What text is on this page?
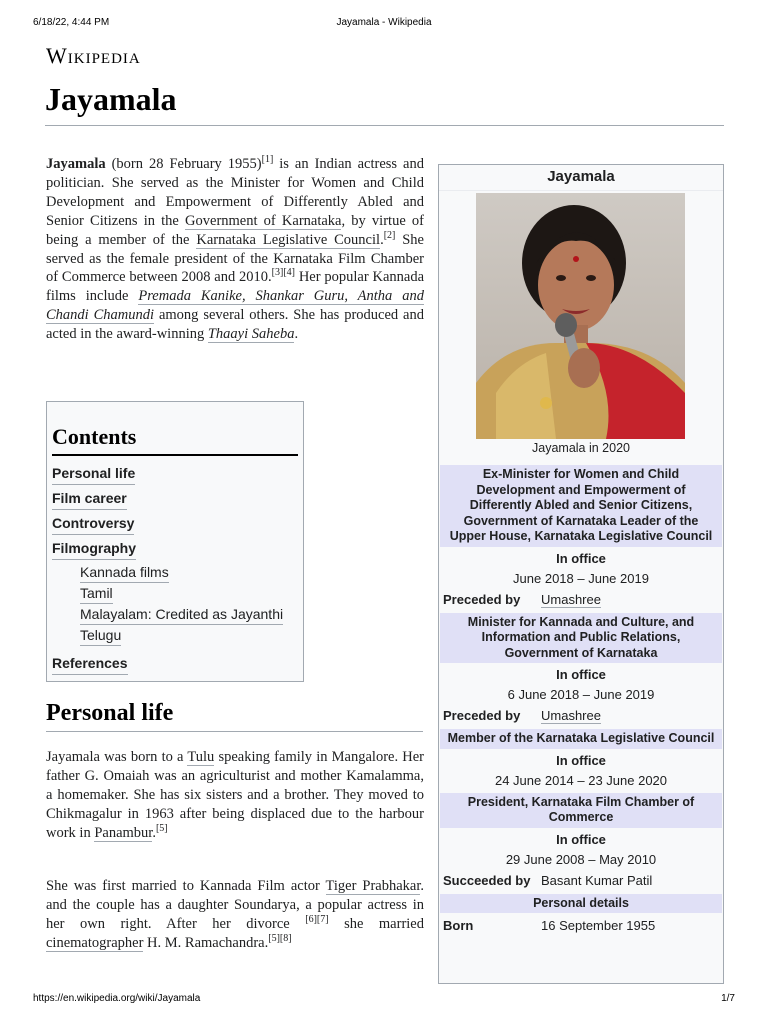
6/18/22, 4:44 PM	Jayamala - Wikipedia
Wikipedia
Jayamala

Jayamala (born 28 February 1955)[1] is an Indian actress and politician. She served as the Minister for Women and Child Development and Empowerment of Differently Abled and Senior Citizens in the Government of Karnataka, by virtue of being a member of the Karnataka Legislative Council.[2] She served as the female president of the Karnataka Film Chamber of Commerce between 2008 and 2010.[3][4] Her popular Kannada films include Premada Kanike, Shankar Guru, Antha and Chandi Chamundi among several others. She has produced and acted in the award-winning Thaayi Saheba.

Contents
Personal life
Film career
Controversy
Filmography
Kannada films
Tamil
Malayalam: Credited as Jayanthi
Telugu
References
Personal life
Jayamala was born to a Tulu speaking family in Mangalore. Her father G. Omaiah was an agriculturist and mother Kamalamma, a homemaker. She has six sisters and a brother. They moved to Chikmagalur in 1963 after being displaced due to the harbour work in Panambur.[5]
She was first married to Kannada Film actor Tiger Prabhakar. and the couple has a daughter Soundarya, a popular actress in her own right. After her divorce [6][7] she married cinematographer H. M. Ramachandra.[5][8]
Jayamala
Jayamala in 2020
Ex-Minister for Women and Child Development and Empowerment of Differently Abled and Senior Citizens, Government of Karnataka Leader of the Upper House, Karnataka Legislative Council
In office
June 2018 – June 2019
Preceded by	Umashree
Minister for Kannada and Culture, and Information and Public Relations, Government of Karnataka
In office
6 June 2018 – June 2019
Preceded by	Umashree
Member of the Karnataka Legislative Council
In office
24 June 2014 – 23 June 2020
President, Karnataka Film Chamber of Commerce
In office
29 June 2008 – May 2010
Succeeded by Basant Kumar Patil
Personal details
Born	16 September 1955
https://en.wikipedia.org/wiki/Jayamala	1/7
